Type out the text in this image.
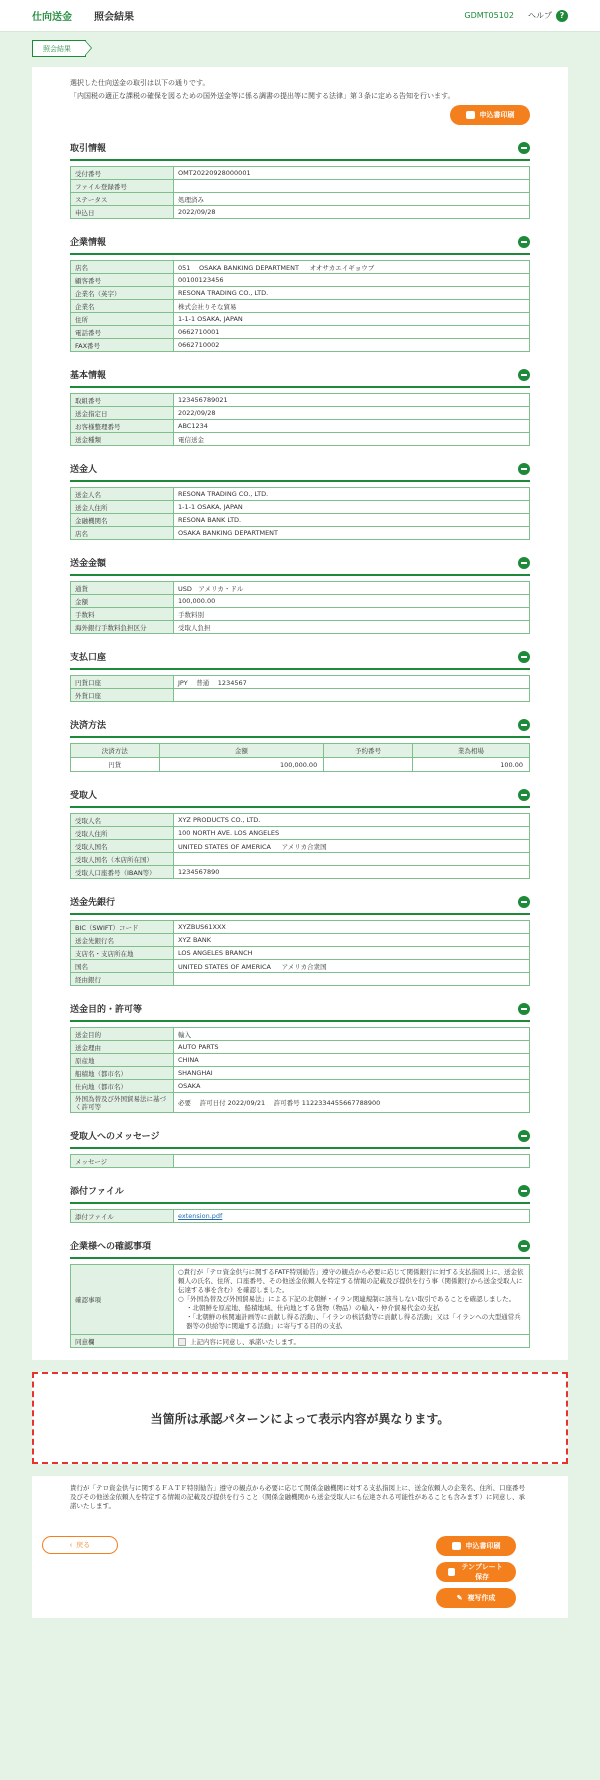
仕向送金 照会結果	GDMT05102 ヘルプ ?
照会結果
選択した仕向送金の取引は以下の通りです。
「内国税の適正な課税の確保を図るための国外送金等に係る調書の提出等に関する法律」第３条に定める告知を行います。
申込書印刷
取引情報
受付番号	OMT20220928000001
ファイル登録番号	
ステータス	処理済み
申込日	2022/09/28
企業情報
店名	051　 OSAKA BANKING DEPARTMENT 　 オオサカエイギョウブ
顧客番号	00100123456
企業名（英字）	RESONA TRADING CO., LTD.
企業名	株式会社りそな貿易
住所	1-1-1 OSAKA, JAPAN
電話番号	0662710001
FAX番号	0662710002
基本情報
取組番号	123456789021
送金指定日	2022/09/28
お客様整理番号	ABC1234
送金種類	電信送金
送金人
送金人名	RESONA TRADING CO., LTD.
送金人住所	1-1-1 OSAKA, JAPAN
金融機関名	RESONA BANK LTD.
店名	OSAKA BANKING DEPARTMENT
送金金額
通貨	USD　アメリカ・ドル
金額	100,000.00
手数料	手数料別
海外銀行手数料負担区分	受取人負担
支払口座
円貨口座	JPY　 普通　 1234567
外貨口座	
決済方法
決済方法	金額	予約番号	業為相場
円貨	100,000.00		100.00
受取人
受取人名	XYZ PRODUCTS CO., LTD.
受取人住所	100 NORTH AVE. LOS ANGELES
受取人国名	UNITED STATES OF AMERICA 　 アメリカ合衆国
受取人国名（本店所在国）	
受取人口座番号（IBAN等）	1234567890
送金先銀行
BIC（SWIFT）コード	XYZBUS61XXX
送金先銀行名	XYZ BANK
支店名・支店所在地	LOS ANGELES BRANCH
国名	UNITED STATES OF AMERICA 　 アメリカ合衆国
経由銀行	
送金目的・許可等
送金目的	輸入
送金理由	AUTO PARTS
原産地	CHINA
船積地（都市名）	SHANGHAI
仕向地（都市名）	OSAKA
外国為替及び外国貿易法に基づく許可等	必要　 許可日付 2022/09/21　 許可番号 1122334455667788900
受取人へのメッセージ
メッセージ	
添付ファイル
添付ファイル	extension.pdf
企業様への確認事項
確認事項	○貴行が「テロ資金供与に関するFATF特別勧告」遵守の観点から必要に応じて関係銀行に対する支払指図上に、送金依頼人の氏名、住所、口座番号、その他送金依頼人を特定する情報の記載及び提供を行う事（関係銀行から送金受取人に伝達する事を含む）を確認しました。
○「外国為替及び外国貿易法」による下記の北朝鮮・イラン関連規制に該当しない取引であることを確認しました。
・北朝鮮を原産地、船積地域、仕向地とする貨物（物品）の輸入・仲介貿易代金の支払
・「北朝鮮の核関連計画等に貢献し得る活動」、「イランの核活動等に貢献し得る活動」又は「イランへの大型通常兵器等の供給等に関連する活動」に寄与する目的の支払

同意欄	上記内容に同意し、承諾いたします。
当箇所は承認パターンによって表示内容が異なります。
貴行が「テロ資金供与に関するＦＡＴＦ特別勧告」遵守の観点から必要に応じて関係金融機関に対する支払指図上に、送金依頼人の企業名、住所、口座番号及びその他送金依頼人を特定する情報の記載及び提供を行うこと（関係金融機関から送金受取人にも伝達される可能性があることも含みます）に同意し、承諾いたします。
‹ 戻る	申込書印刷
テンプレート保存
✎ 複写作成
